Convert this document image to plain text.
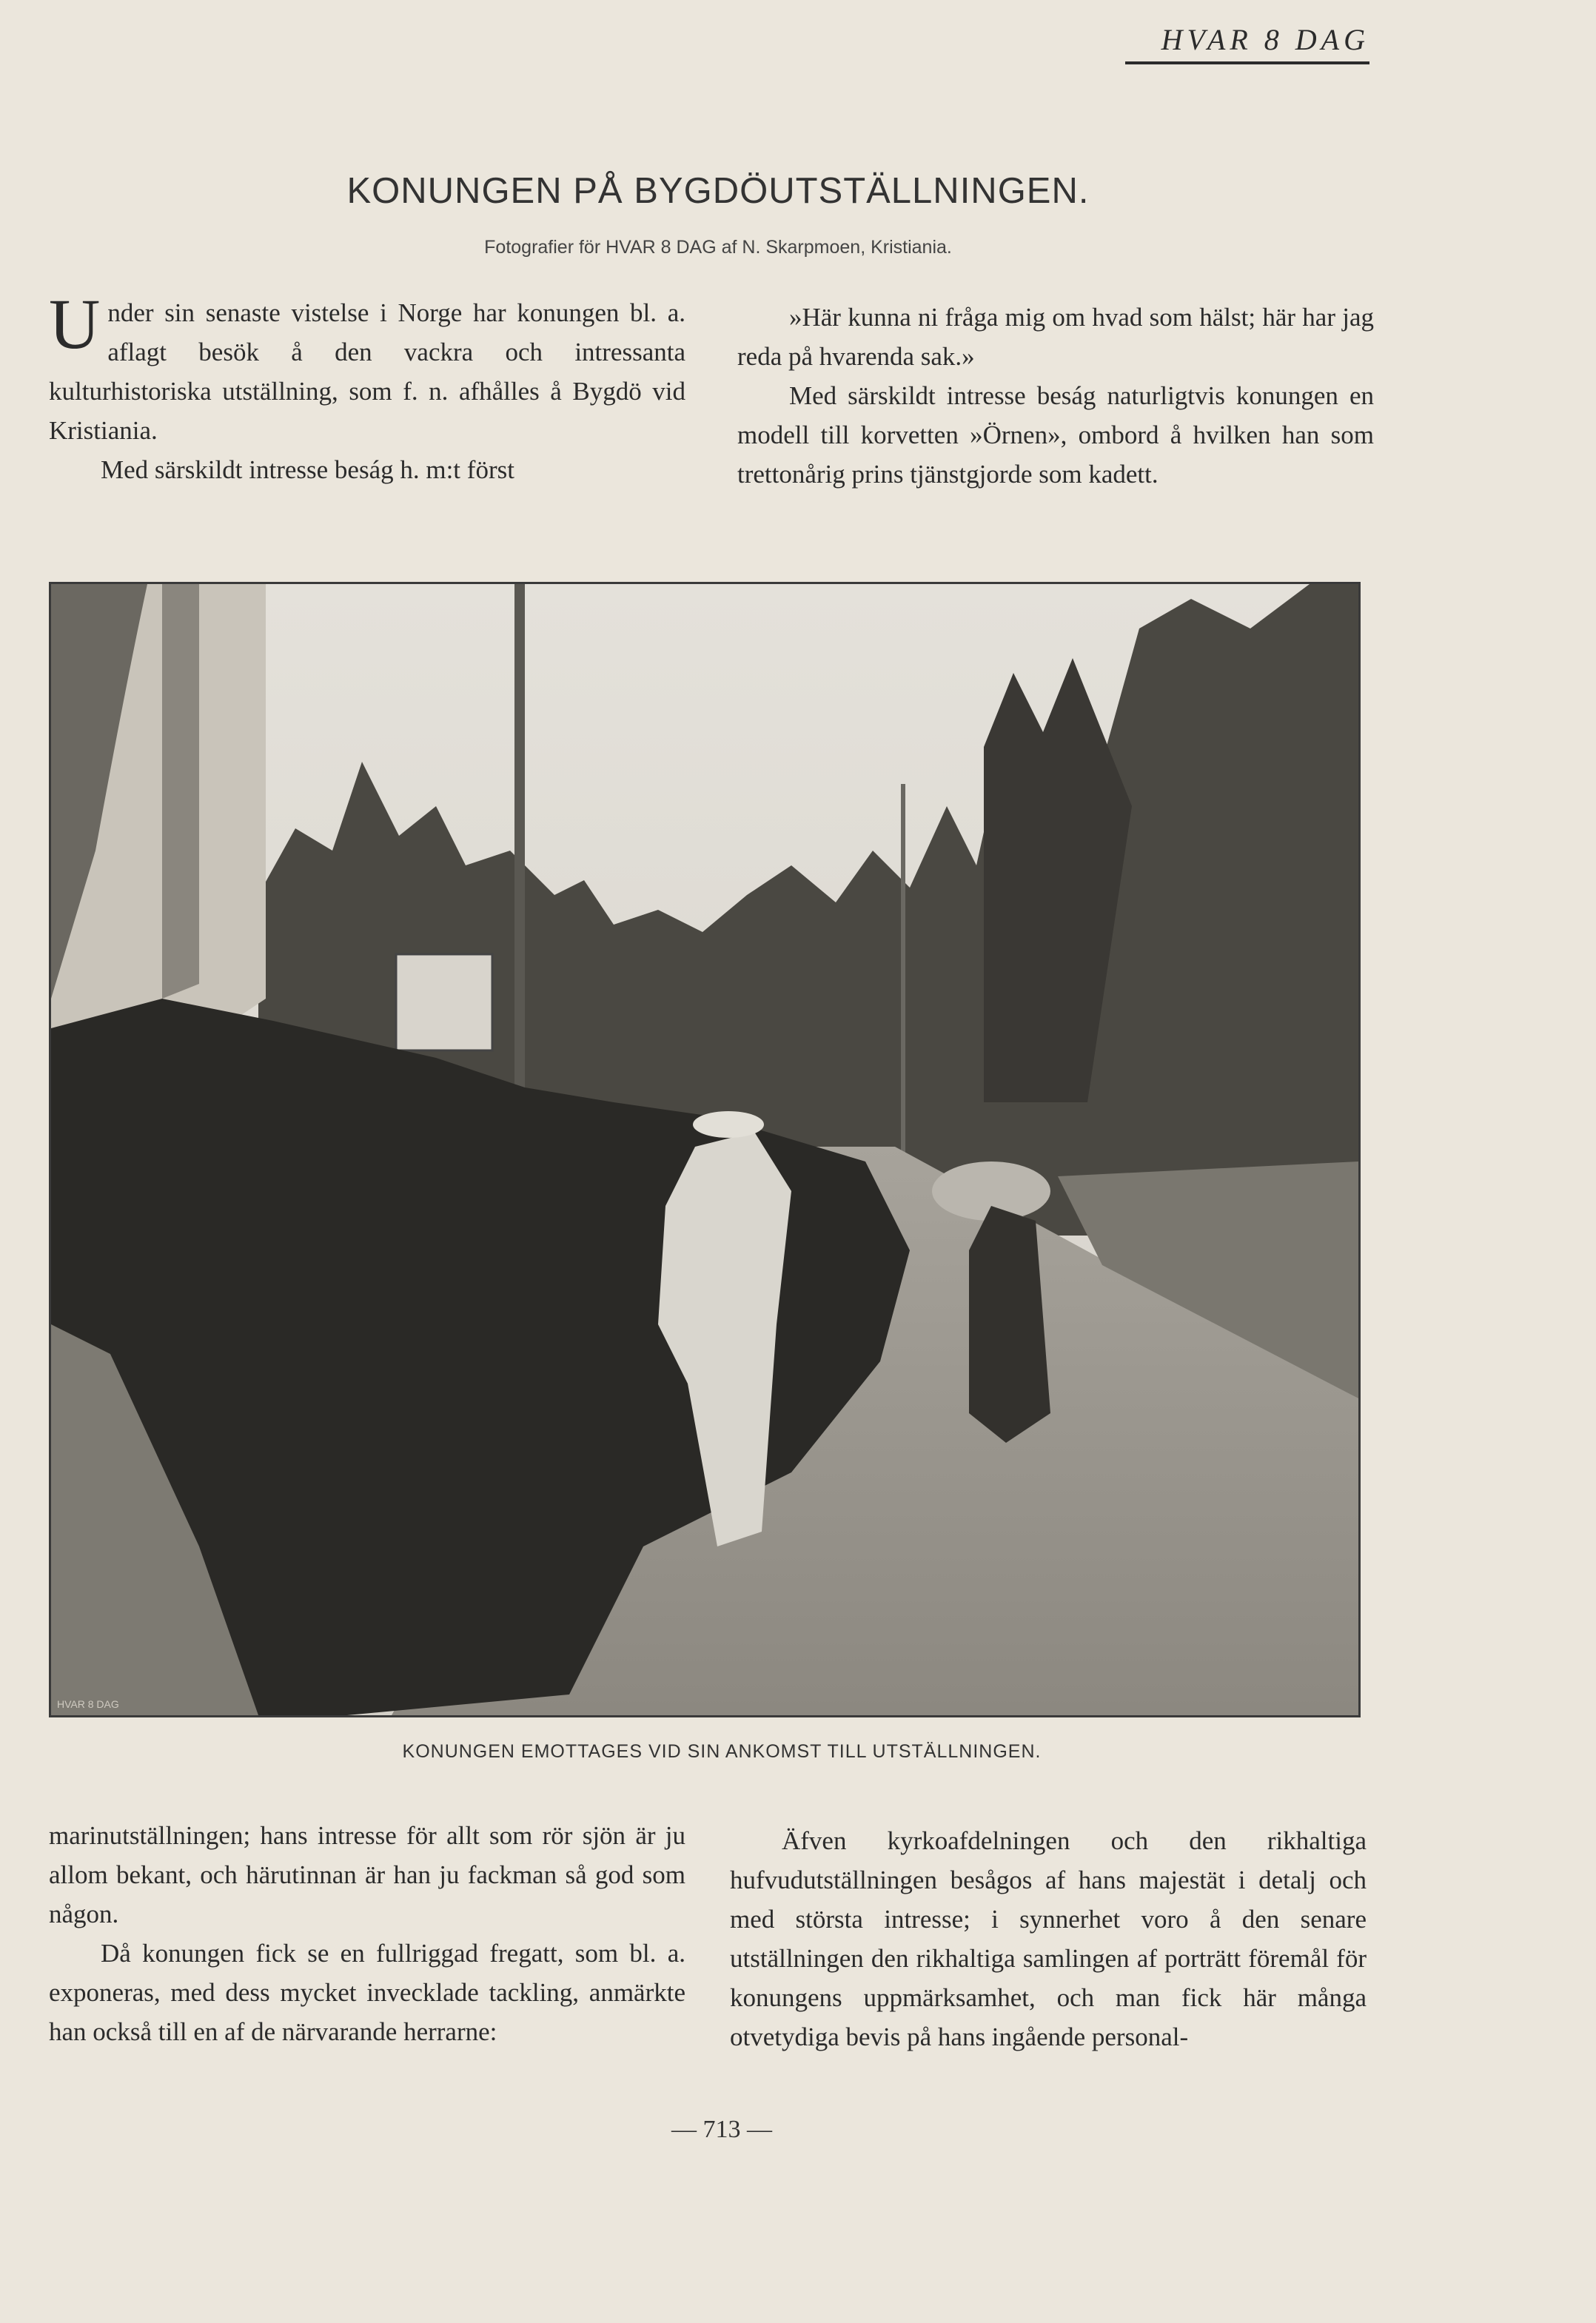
HVAR 8 DAG
KONUNGEN PÅ BYGDÖUTSTÄLLNINGEN.
Fotografier för HVAR 8 DAG af N. Skarpmoen, Kristiania.

Under sin senaste vistelse i Norge har konungen bl. a. aflagt besök å den vackra och intressanta kulturhistoriska utställning, som f. n. afhålles å Bygdö vid Kristiania.

Med särskildt intresse beság h. m:t först

»Här kunna ni fråga mig om hvad som hälst; här har jag reda på hvarenda sak.»

Med särskildt intresse beság naturligtvis konungen en modell till korvetten »Örnen», ombord å hvilken han som trettonårig prins tjänstgjorde som kadett.

HVAR 8 DAG
KONUNGEN EMOTTAGES VID SIN ANKOMST TILL UTSTÄLLNINGEN.

marinutställningen; hans intresse för allt som rör sjön är ju allom bekant, och härutinnan är han ju fackman så god som någon.

Då konungen fick se en fullriggad fregatt, som bl. a. exponeras, med dess mycket invecklade tackling, anmärkte han också till en af de närvarande herrarne:

Äfven kyrkoafdelningen och den rikhaltiga hufvudutställningen besågos af hans majestät i detalj och med största intresse; i synnerhet voro å den senare utställningen den rikhaltiga samlingen af porträtt föremål för konungens uppmärksamhet, och man fick här många otvetydiga bevis på hans ingående personal-

— 713 —
